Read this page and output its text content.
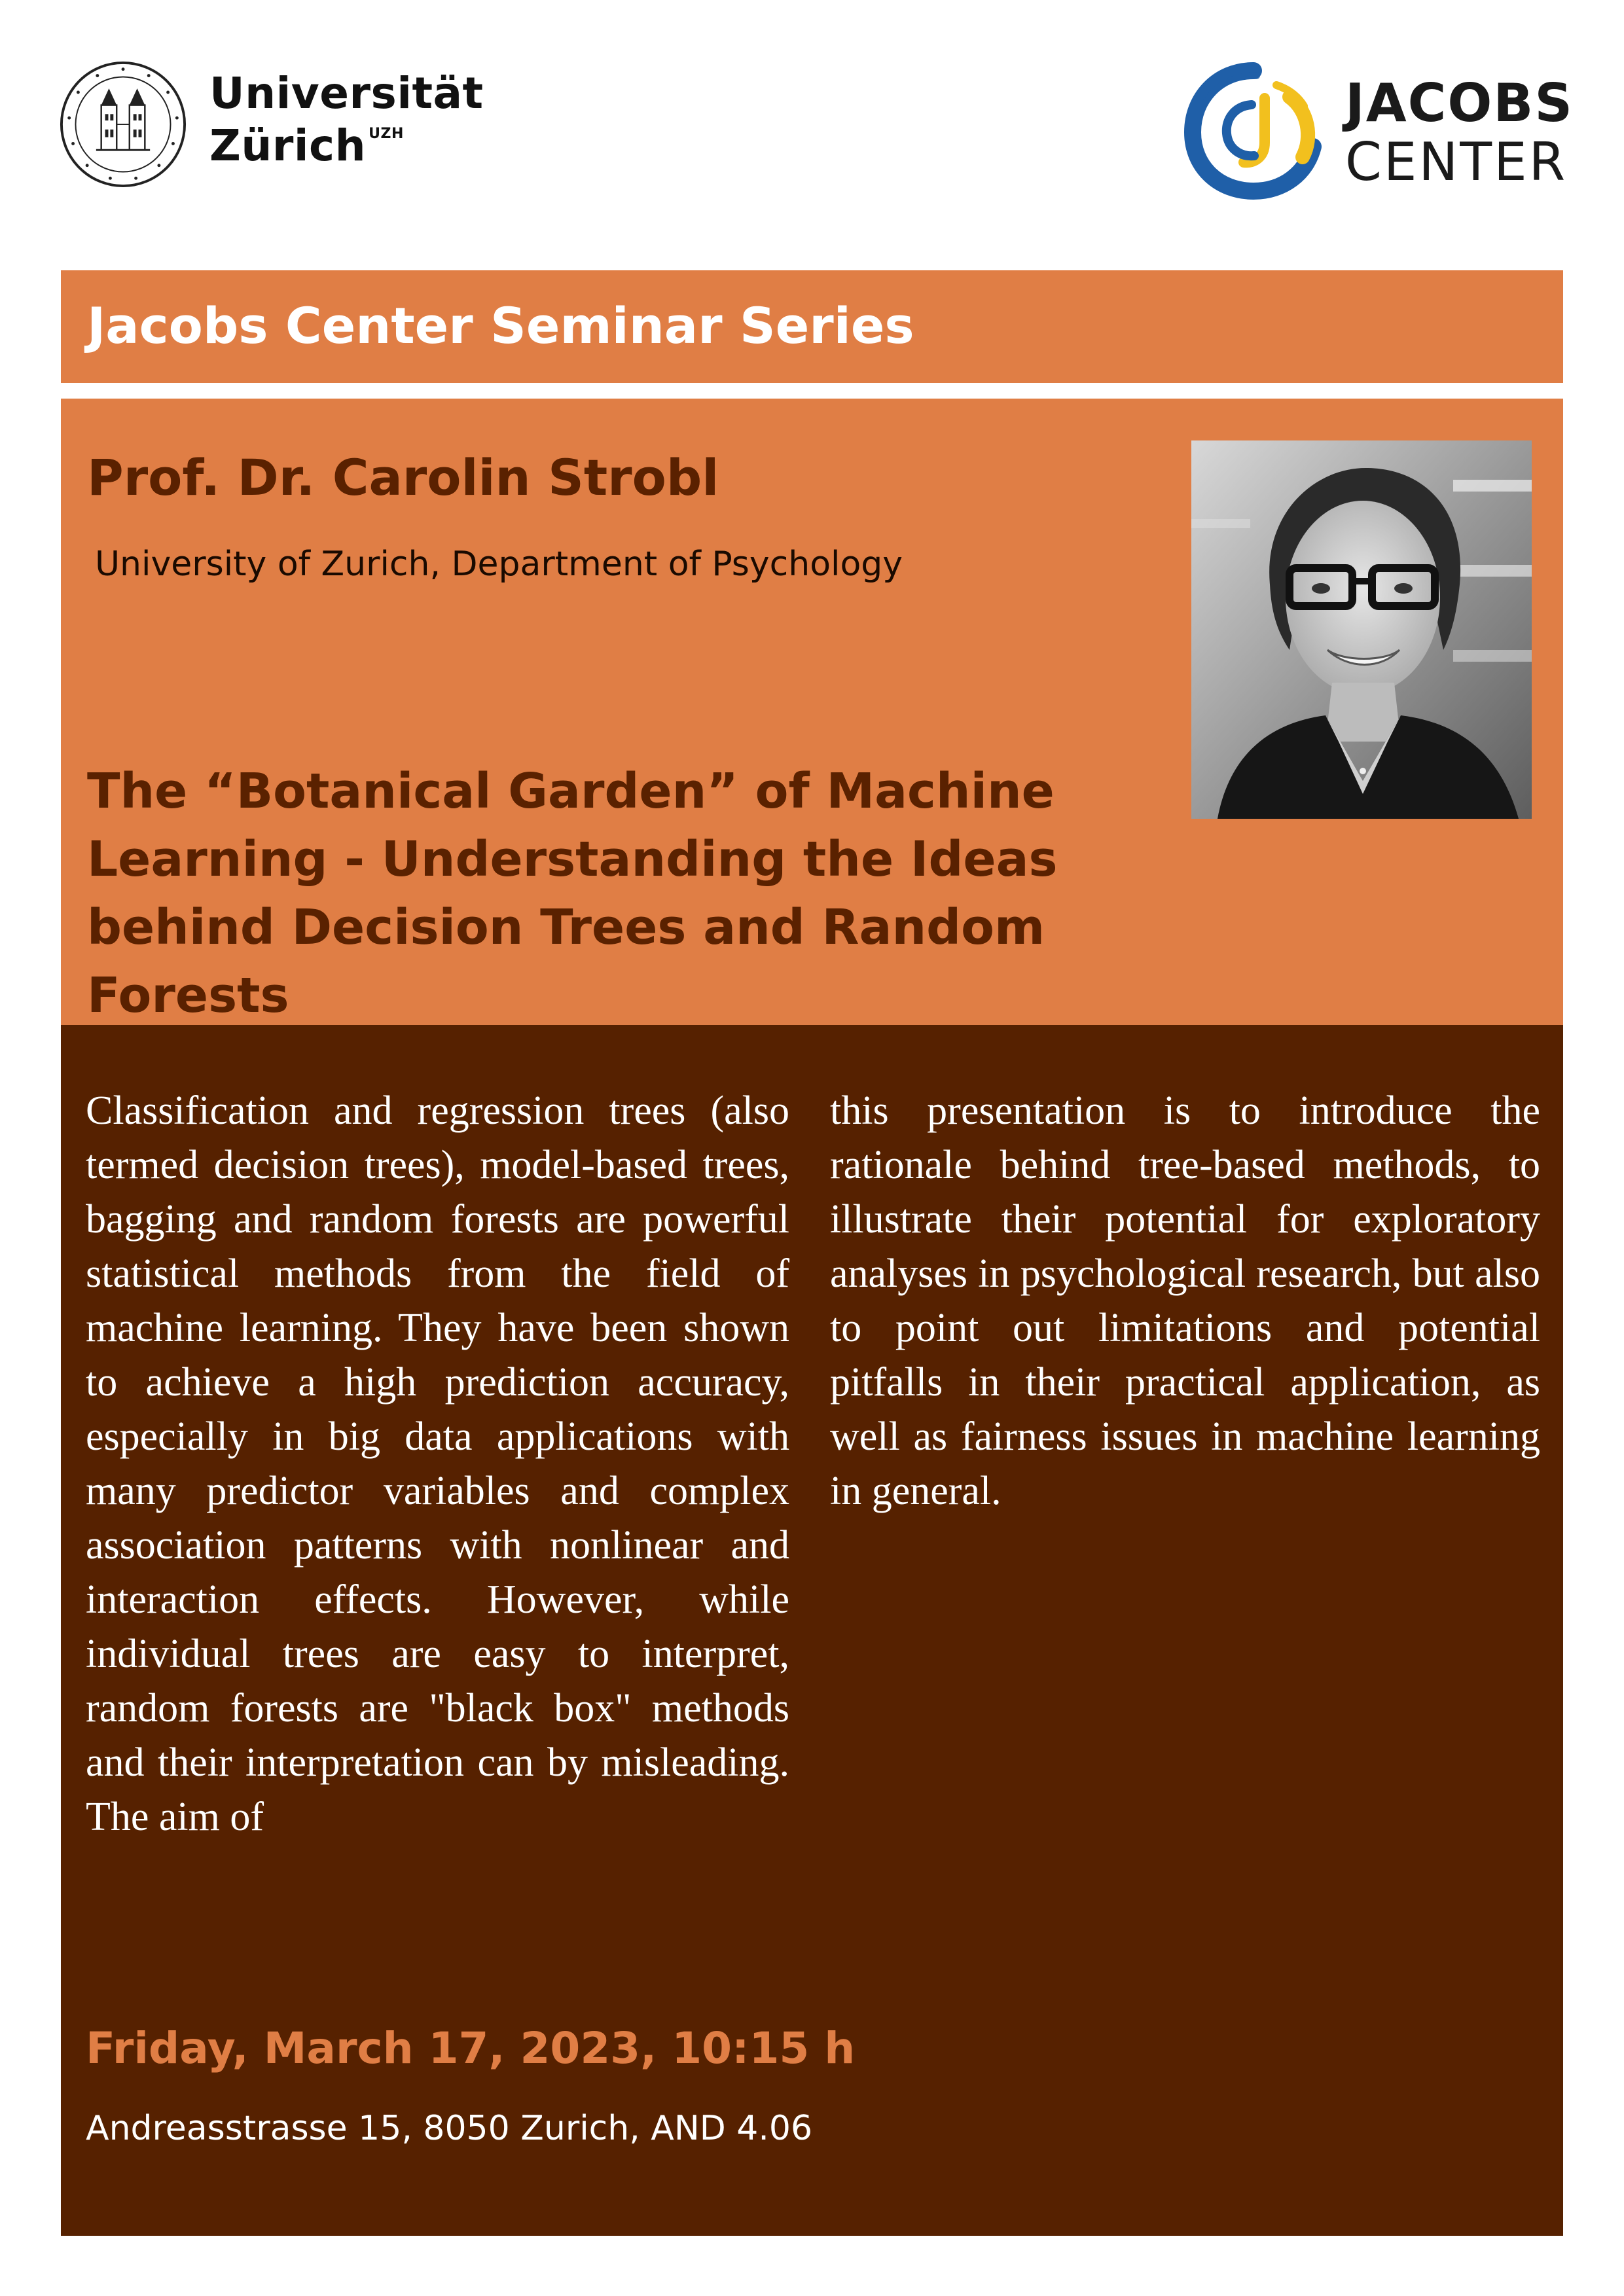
Universität
Zürich $^{UZH}$
JACOBS
CENTER
Jacobs Center Seminar Series
Prof. Dr. Carolin Strobl
University of Zurich, Department of Psychology
The “Botanical Garden” of Machine Learning - Understanding the Ideas behind Decision Trees and Random Forests
Classification and regression trees (also termed decision trees), model-based trees, bagging and random forests are powerful statistical methods from the field of machine learning. They have been shown to achieve a high prediction accuracy, especially in big data applications with many predictor variables and complex association patterns with nonlinear and interaction effects. However, while individual trees are easy to interpret, random forests are "black box" methods and their interpretation can by misleading. The aim of
this presentation is to introduce the rationale behind tree-based methods, to illustrate their potential for exploratory analyses in psychological research, but also to point out limitations and potential pitfalls in their practical application, as well as fairness issues in machine learning in general.
Friday, March 17, 2023, 10:15 h
Andreasstrasse 15, 8050 Zurich, AND 4.06
